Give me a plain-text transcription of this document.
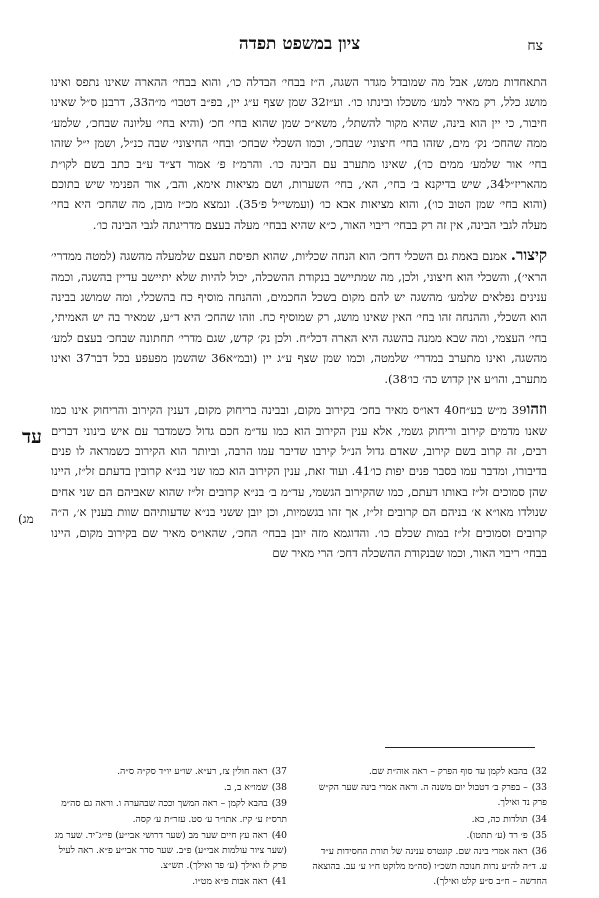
צח
ציון במשפט תפדה

התאחדות ממש, אבל מה שמובדל מגדר השגה, ה״ז בבחי׳ הבדלה כו׳, והוא בבחי׳ ההארה שאינו נתפס ואינו מושג כלל, רק מאיר למע׳ משכלו ובינתו כו׳. וע״ז32 שמן שצף ע״ג יין, בפ״ב דטבו״ מ״ה33, דרבנן ס״ל שאינו חיבור, כי יין הוא בינה, שהיא מקור להשתל׳, משא״כ שמן שהוא בחי׳ חכ׳ (והיא בחי׳ עליונה שבחכ׳, שלמע׳ ממה שהחכ׳ נק׳ מים, שזהו בחי׳ חיצוני׳ שבחכ׳, וכמו השכלי שבחכ׳ ובחי׳ החיצוני׳ שבה כנ״ל, ושמן י״ל שזהו בחי׳ אור שלמע׳ ממים כו׳), שאינו מתערב עם הבינה כו׳. והרמ״ז פ׳ אמור דצ״ד ע״ב כתב בשם לקו״ת מהאריז״ל34, שיש בדיקנא ב׳ בחי׳, הא׳, בחי׳ השערות, ושם מציאות אימא, והב׳, אור הפנימי שיש בתוכם (והוא בחי׳ שמן הטוב כו׳), והוא מציאות אבא כו׳ (ועמשי״ל פ׳35). ונמצא מכ״ז מובן, מה שהחכ׳ היא בחי׳ מעלה לגבי הבינה, אין זה רק בבחי׳ ריבוי האור, כ״א שהיא בבחי׳ מעלה בעצם מדריגתה לגבי הבינה כו׳.

קיצור. אמנם באמת גם השכלי דחכ׳ הוא הנחה שכליות, שהוא תפיסת העצם שלמעלה מהשגה (למטה ממדרי׳ הראי׳), והשכלי הוא חיצוני, ולכן, מה שמתיישב בנקודת ההשכלה, יכול להיות שלא יתיישב עדיין בהשגה, וכמה ענינים נפלאים שלמע׳ מהשגה יש להם מקום בשכל החכמים, וההנחה מוסיף כח בהשכלי, ומה שמושג בבינה הוא השכלי, וההנחה זהו בחי׳ האין שאינו מושג, רק שמוסיף כח. וזהו שהחכ׳ היא ד״ע, שמאיר בה יש האמיתי, בחי׳ העצמי, ומה שבא ממנה בהשגה היא הארה דכל״ח. ולכן נק׳ קדש, שגם מדרי׳ תחתונה שבחכ׳ בעצם למע׳ מהשגה, ואינו מתערב במדרי׳ שלמטה, וכמו שמן שצף ע״ג יין (ובמ״א36 שהשמן מפעפע בכל דבר37 ואינו מתערב, והו״ע אין קדוש כה׳ כו׳38).

וזהו39 מ״ש בע״ח40 דאו״ס מאיר בחכ׳ בקירוב מקום, ובבינה בריחוק מקום, דענין הקירוב והריחוק אינו כמו שאנו מדמים קירוב וריחוק גשמי, אלא ענין הקירוב הוא כמו עד״מ חכם גדול כשמדבר עם איש בינוני דברים רבים, זה קרוב בשם קירוב, שאדם גדול הנ״ל קירבו שדיבר עמו הרבה, וביותר הוא הקירוב כשמראה לו פנים בדיבורו, ומדבר עמו בסבר פנים יפות כו׳41. ועוד זאת, ענין הקירוב הוא כמו שני בנ״א קרובין בדעתם זל״ז, היינו שהן סמוכים זל״ז באותו דעתם, כמו שהקירוב הגשמי, עד״מ ב׳ בנ״א קרובים זל״ז שהוא שאביהם הם שני אחים שנולדו מאו״א א׳ בניהם הם קרובים זל״ז, אך זהו בגשמיות, וכן יובן ששני בנ״א שדעותיהם שוות בענין א׳, ה״ה קרובים וסמוכים זל״ז במות שכלם כו׳. והדוגמא מזה יובן בבחי׳ החכ׳, שהאו״ס מאיר שם בקירוב מקום, היינו בבחי׳ ריבוי האור, וכמו שבנקודת ההשכלה דחכ׳ הרי מאיר שם

עד
מג)

32)בהבא לקמן עד סוף הפרק – ראה אוה״ת שם.

33)– בפרק ב׳ דטבול יום משנה ה. וראה אמרי בינה שער הק״ש פרק נד ואילך.

34)תולדות כה, כא.

35)פ׳ רד (ע׳ תתטו).

36)ראה אמרי בינה שם. קונטרס ענינה של תורת החסידות ע״ד ע. ד״ה לה״ע נרות חנוכה תשכ״ו (סה״מ מלוקט ח״ו ע׳ עב. בהוצאה החדשה – ח״ב ס״ע קלט ואילך).

37)ראה חולין צז, רע״א. שו״ע יו״ד סק״ה ס״ה.

38)שמו״א ב, ב.

39)בהבא לקמן – ראה המשך וככה שבהערה ו. וראה גם סה״מ תרס״ז ע׳ קיז. אתו״ר ע׳ סט. עזר״ת ע׳ קסה.

40)ראה עץ חיים שער מב (שער דרושי אבי״ע) פי״ג־יד. שער מג (שער ציור עולמות אבי״ע) פ״ב. שער סדר אבי״ע פ״א. ראה לעיל פרק לז ואילך (ע׳ פד ואילך). תש״צ.

41)ראה אבות פ״א מט״ו.
